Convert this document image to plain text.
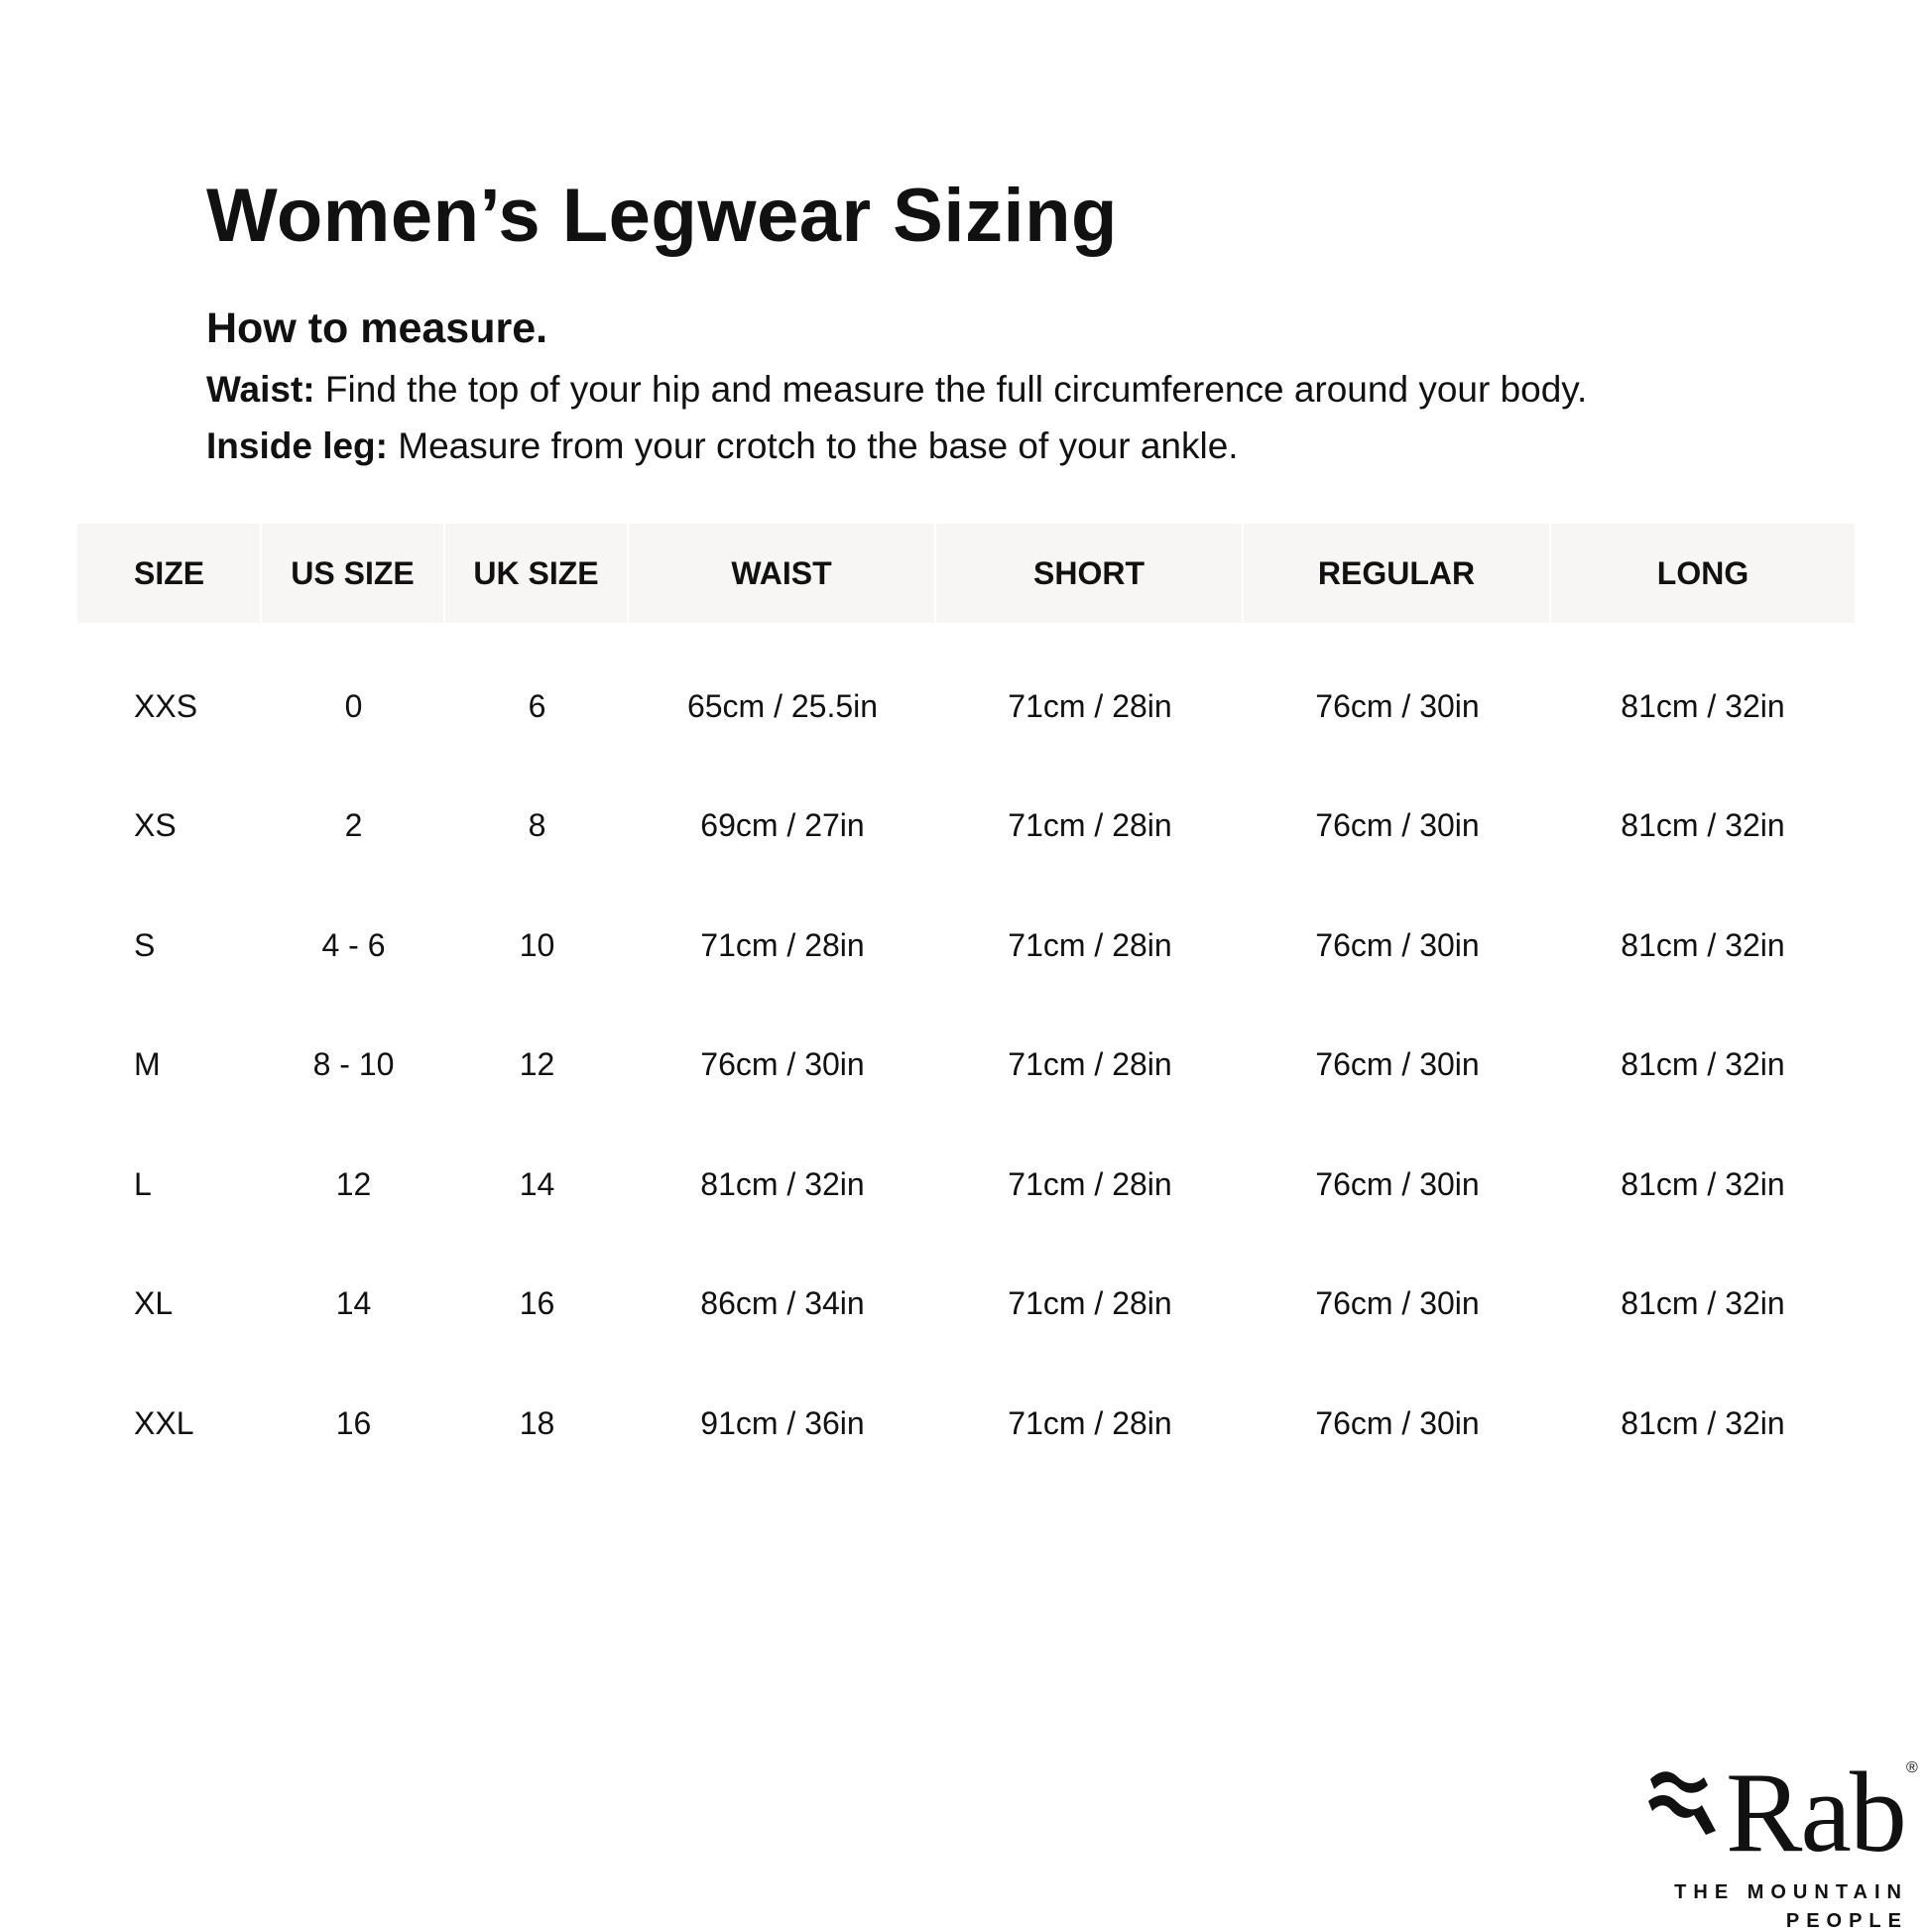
Women’s Legwear Sizing
How to measure.

Waist: Find the top of your hip and measure the full circumference around your body.

Inside leg: Measure from your crotch to the base of your ankle.

SIZE	US SIZE	UK SIZE	WAIST	SHORT	REGULAR	LONG
XXS	0	6	65cm / 25.5in	71cm / 28in	76cm / 30in	81cm / 32in
XS	2	8	69cm / 27in	71cm / 28in	76cm / 30in	81cm / 32in
S	4 - 6	10	71cm / 28in	71cm / 28in	76cm / 30in	81cm / 32in
M	8 - 10	12	76cm / 30in	71cm / 28in	76cm / 30in	81cm / 32in
L	12	14	81cm / 32in	71cm / 28in	76cm / 30in	81cm / 32in
XL	14	16	86cm / 34in	71cm / 28in	76cm / 30in	81cm / 32in
XXL	16	18	91cm / 36in	71cm / 28in	76cm / 30in	81cm / 32in
Rab ®
THE MOUNTAIN
PEOPLE
